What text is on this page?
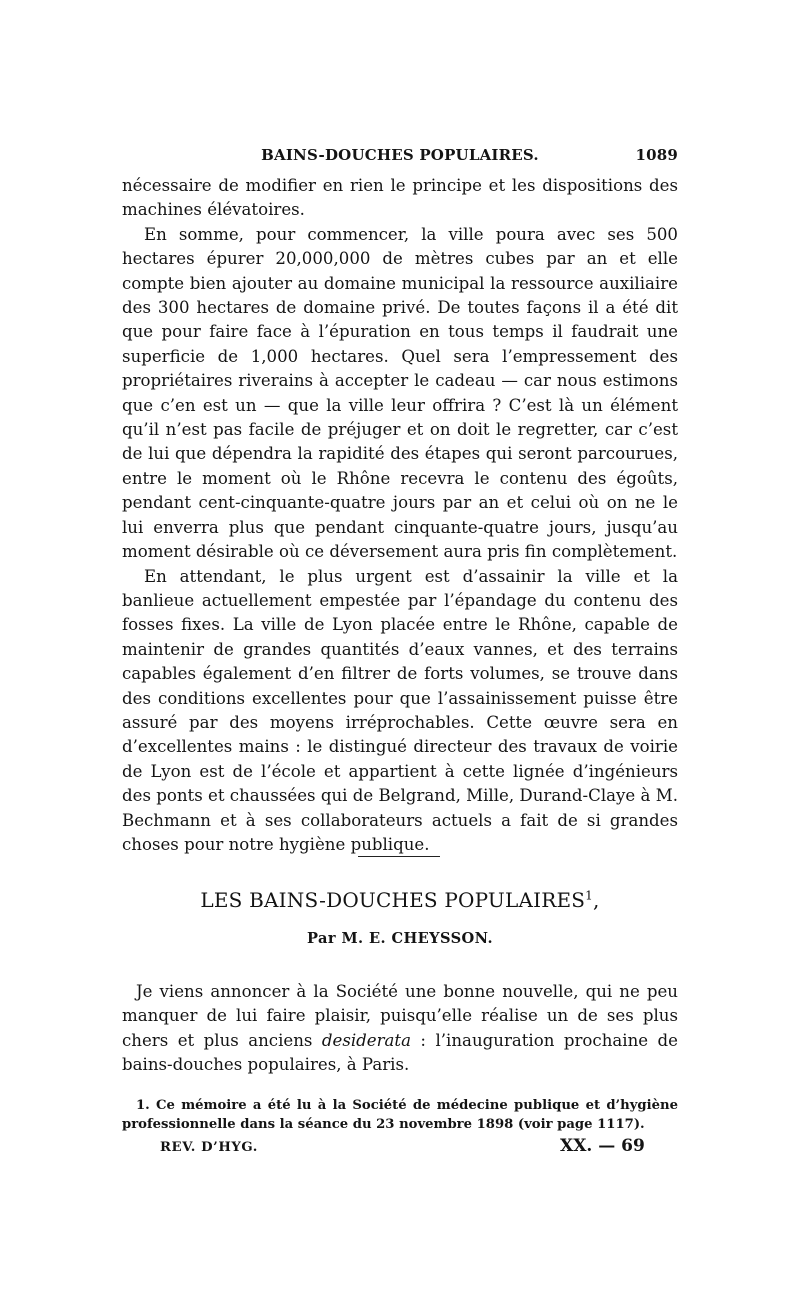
BAINS-DOUCHES POPULAIRES.	1089

nécessaire de modifier en rien le principe et les dispositions des machines élévatoires.

En somme, pour commencer, la ville poura avec ses 500 hectares épurer 20,000,000 de mètres cubes par an et elle compte bien ajouter au domaine municipal la ressource auxiliaire des 300 hectares de domaine privé. De toutes façons il a été dit que pour faire face à l’épuration en tous temps il faudrait une superficie de 1,000 hectares. Quel sera l’empressement des propriétaires riverains à accepter le cadeau — car nous estimons que c’en est un — que la ville leur offrira ? C’est là un élément qu’il n’est pas facile de préjuger et on doit le regretter, car c’est de lui que dépendra la rapidité des étapes qui seront parcourues, entre le moment où le Rhône recevra le contenu des égoûts, pendant cent-cinquante-quatre jours par an et celui où on ne le lui enverra plus que pendant cinquante-quatre jours, jusqu’au moment désirable où ce déversement aura pris fin complètement.

En attendant, le plus urgent est d’assainir la ville et la banlieue actuellement empestée par l’épandage du contenu des fosses fixes. La ville de Lyon placée entre le Rhône, capable de maintenir de grandes quantités d’eaux vannes, et des terrains capables également d’en filtrer de forts volumes, se trouve dans des conditions excellentes pour que l’assainissement puisse être assuré par des moyens irréprochables. Cette œuvre sera en d’excellentes mains : le distingué directeur des travaux de voirie de Lyon est de l’école et appartient à cette lignée d’ingénieurs des ponts et chaussées qui de Belgrand, Mille, Durand-Claye à M. Bechmann et à ses collaborateurs actuels a fait de si grandes choses pour notre hygiène publique.

LES BAINS-DOUCHES POPULAIRES$^1$,
Par M. E. CHEYSSON.

Je viens annoncer à la Société une bonne nouvelle, qui ne peu manquer de lui faire plaisir, puisqu’elle réalise un de ses plus chers et plus anciens desiderata : l’inauguration prochaine de bains-douches populaires, à Paris.

1. Ce mémoire a été lu à la Société de médecine publique et d’hygiène professionnelle dans la séance du 23 novembre 1898 (voir page 1117).

REV. D’HYG.	XX. — 69
